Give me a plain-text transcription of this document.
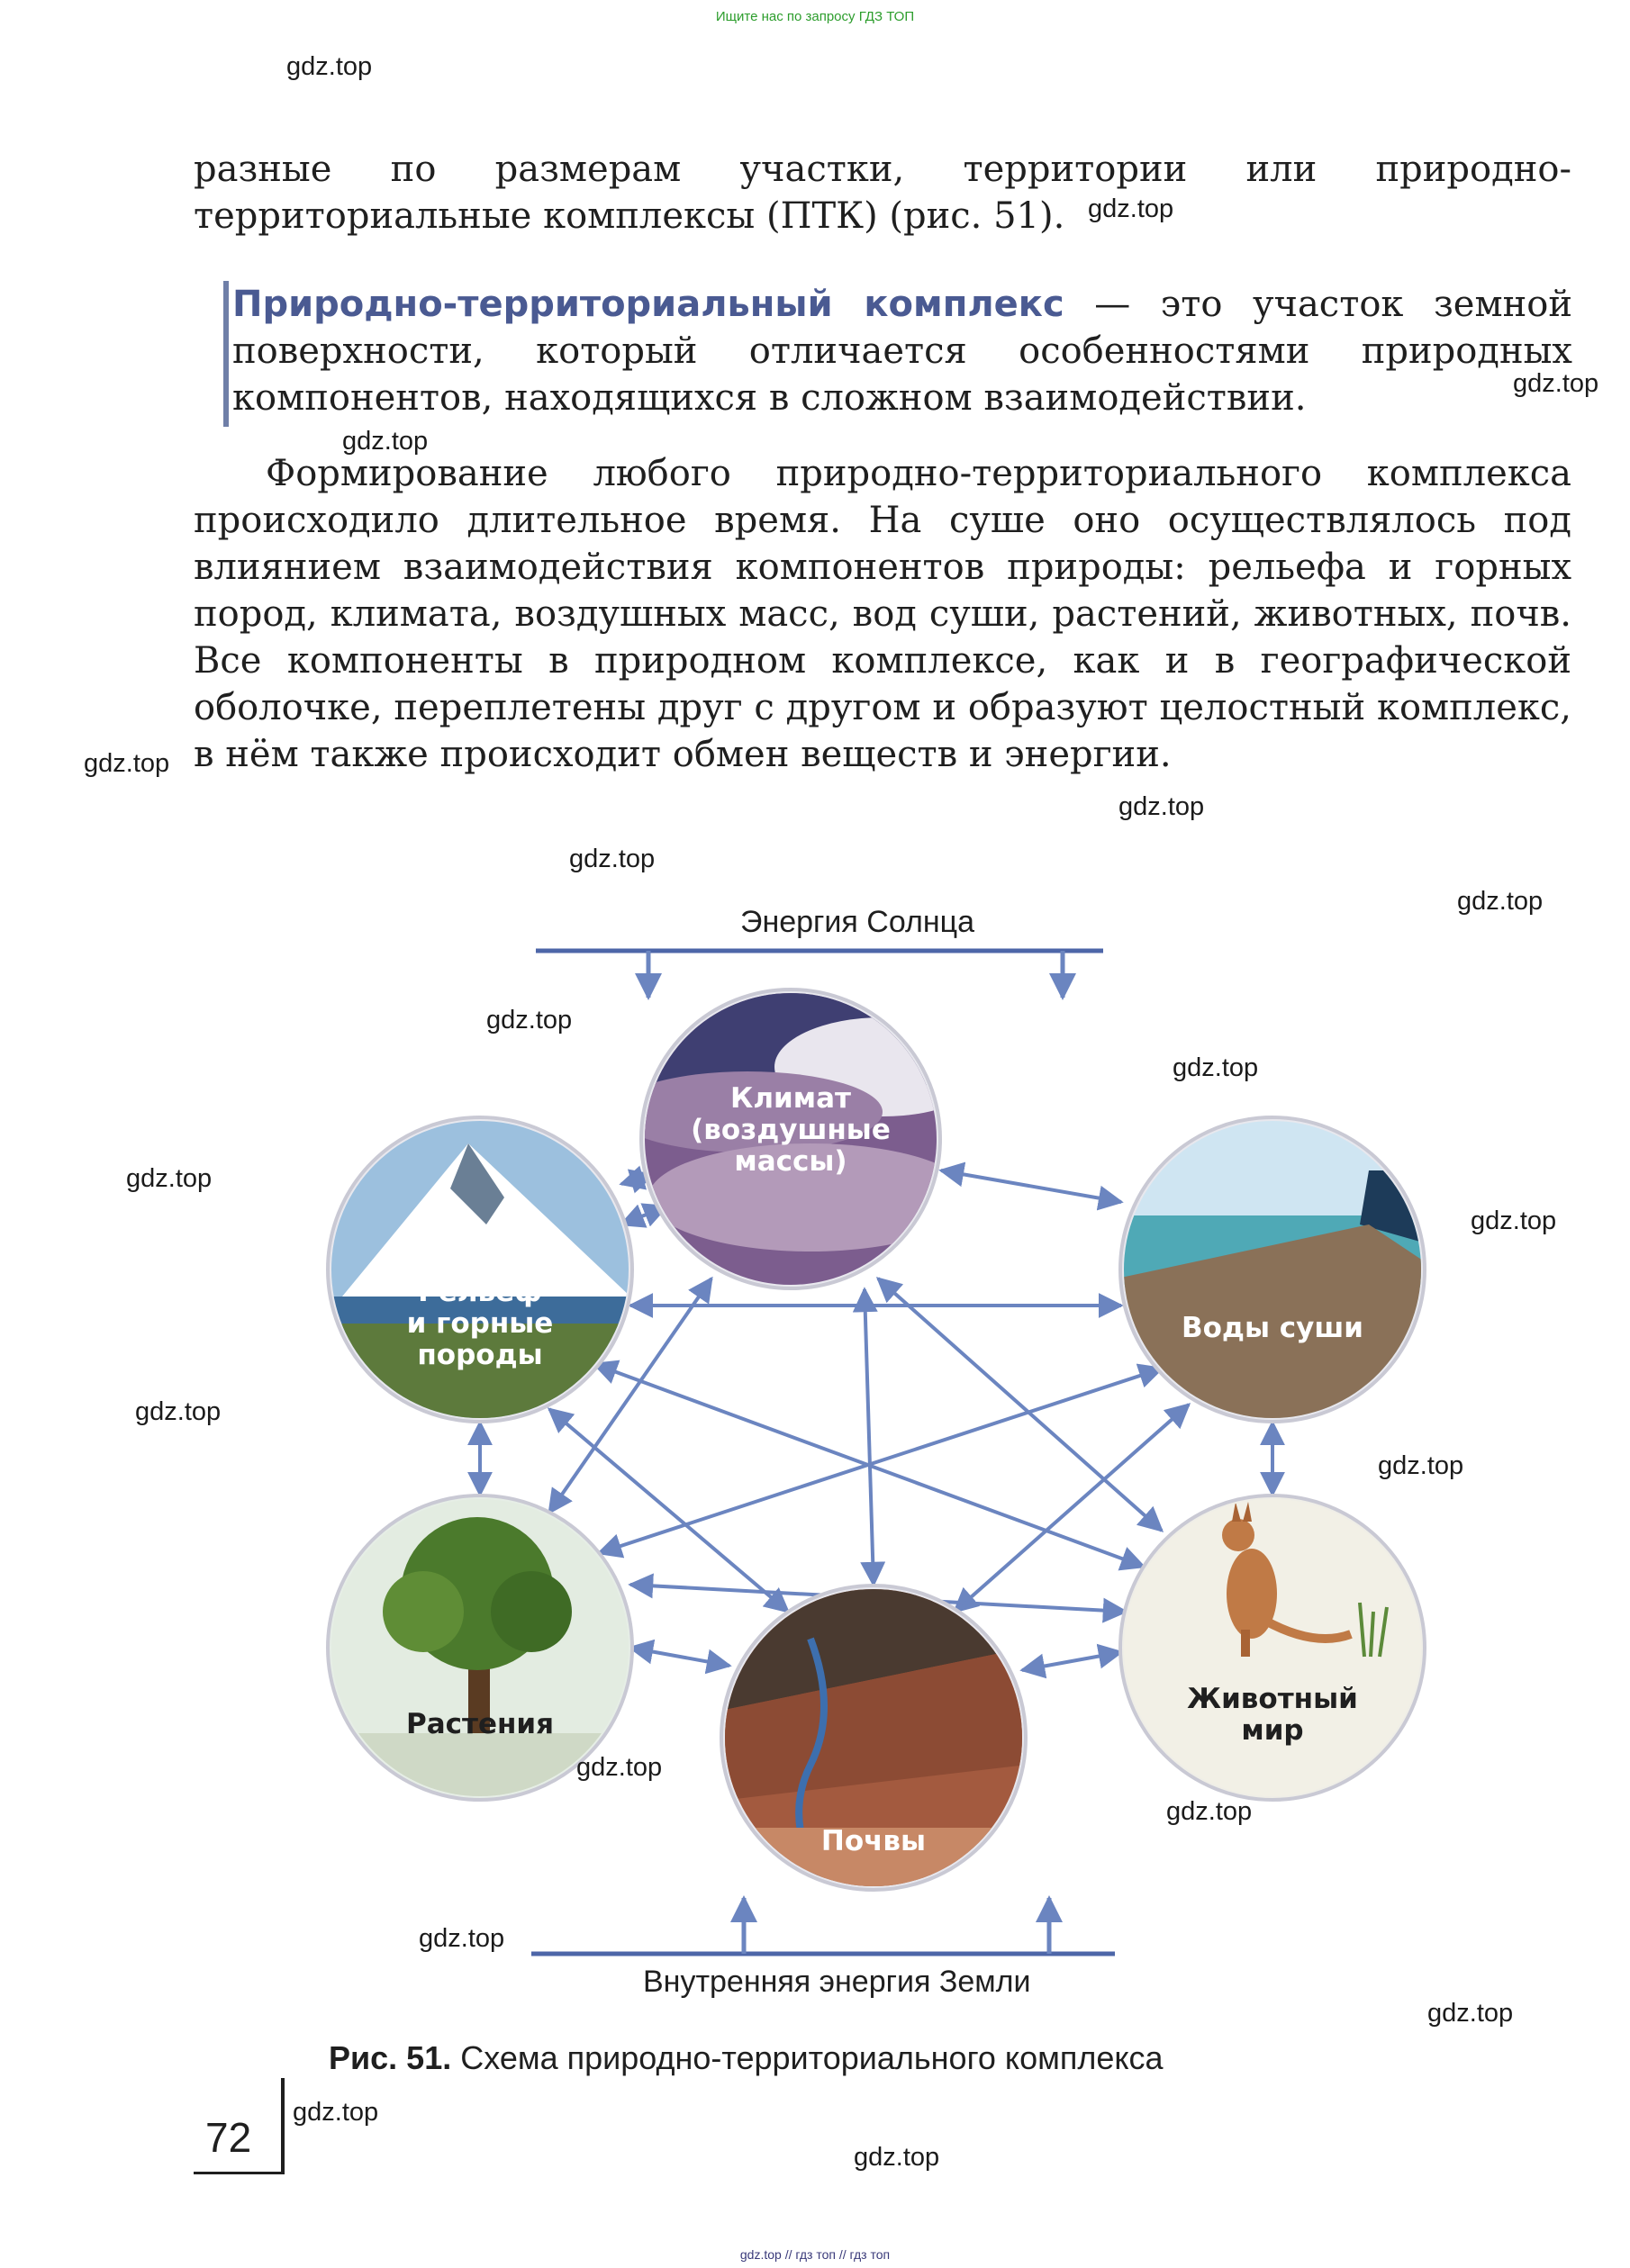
Ищите нас по запросу ГДЗ ТОП

разные по размерам участки, территории или природно-территориальные комплексы (ПТК) (рис. 51).

Природно-территориальный комплекс — это участок земной поверхности, который отличается особенностями природных компонентов, находящихся в сложном взаимодействии.

Формирование любого природно-территориального комплекса происходило длительное время. На суше оно осуществлялось под влиянием взаимодействия компонентов природы: рельефа и горных пород, климата, воздушных масс, вод суши, растений, животных, почв. Все компоненты в природном комплексе, как и в географической оболочке, переплетены друг с другом и образуют целостный комплекс, в нём также происходит обмен веществ и энергии.

Энергия Солнца
Внутренняя энергия Земли
Климат
(воздушные
массы)
Рельеф
и горные
породы
Воды суши
Растения
Животный
мир
Почвы
Рис. 51. Схема природно-территориального комплекса
72
gdz.top
gdz.top
gdz.top
gdz.top
gdz.top
gdz.top
gdz.top
gdz.top
gdz.top
gdz.top
gdz.top
gdz.top
gdz.top
gdz.top
gdz.top
gdz.top
gdz.top
gdz.top
gdz.top
gdz.top
gdz.top // гдз топ // гдз топ
